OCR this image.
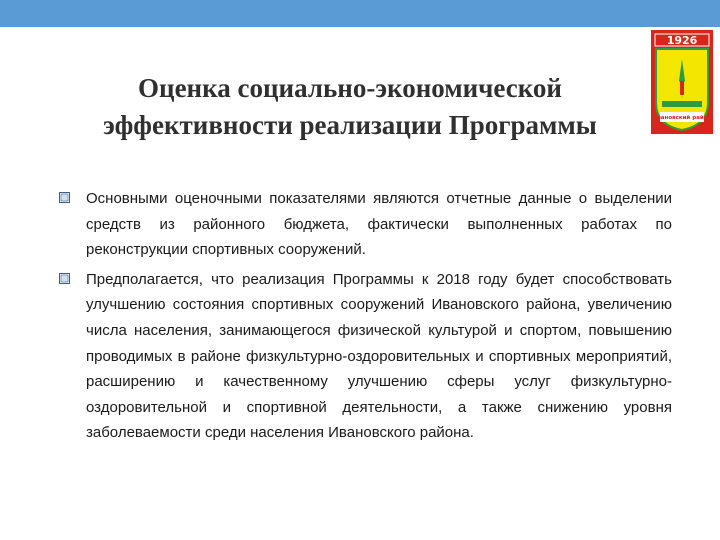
Оценка социально-экономической
эффективности реализации Программы
1926
Ивановский район
Основными оценочными показателями являются отчетные данные о выделении средств из районного бюджета, фактически выполненных работах по реконструкции спортивных сооружений.
Предполагается, что реализация Программы к 2018 году будет способствовать улучшению состояния спортивных сооружений Ивановского района, увеличению числа населения, занимающегося физической культурой и спортом, повышению проводимых в районе физкультурно-оздоровительных и спортивных мероприятий, расширению и качественному улучшению сферы услуг физкультурно-оздоровительной и спортивной деятельности, а также снижению уровня заболеваемости среди населения Ивановского района.
